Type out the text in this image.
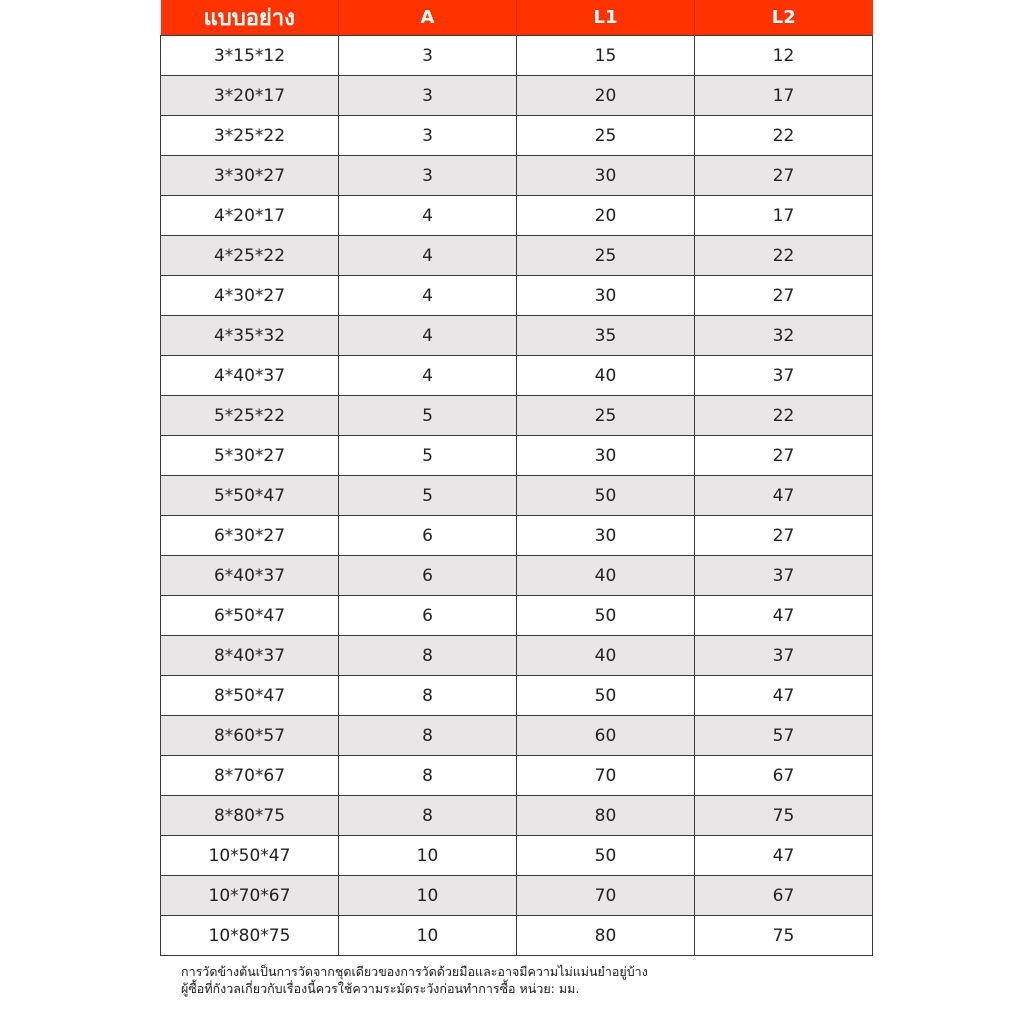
แบบอย่าง	A	L1	L2
3*15*12	3	15	12
3*20*17	3	20	17
3*25*22	3	25	22
3*30*27	3	30	27
4*20*17	4	20	17
4*25*22	4	25	22
4*30*27	4	30	27
4*35*32	4	35	32
4*40*37	4	40	37
5*25*22	5	25	22
5*30*27	5	30	27
5*50*47	5	50	47
6*30*27	6	30	27
6*40*37	6	40	37
6*50*47	6	50	47
8*40*37	8	40	37
8*50*47	8	50	47
8*60*57	8	60	57
8*70*67	8	70	67
8*80*75	8	80	75
10*50*47	10	50	47
10*70*67	10	70	67
10*80*75	10	80	75
การวัดข้างต้นเป็นการวัดจากชุดเดียวของการวัดด้วยมือและอาจมีความไม่แม่นยำอยู่บ้าง
ผู้ซื้อที่กังวลเกี่ยวกับเรื่องนี้ควรใช้ความระมัดระวังก่อนทำการซื้อ หน่วย: มม.
